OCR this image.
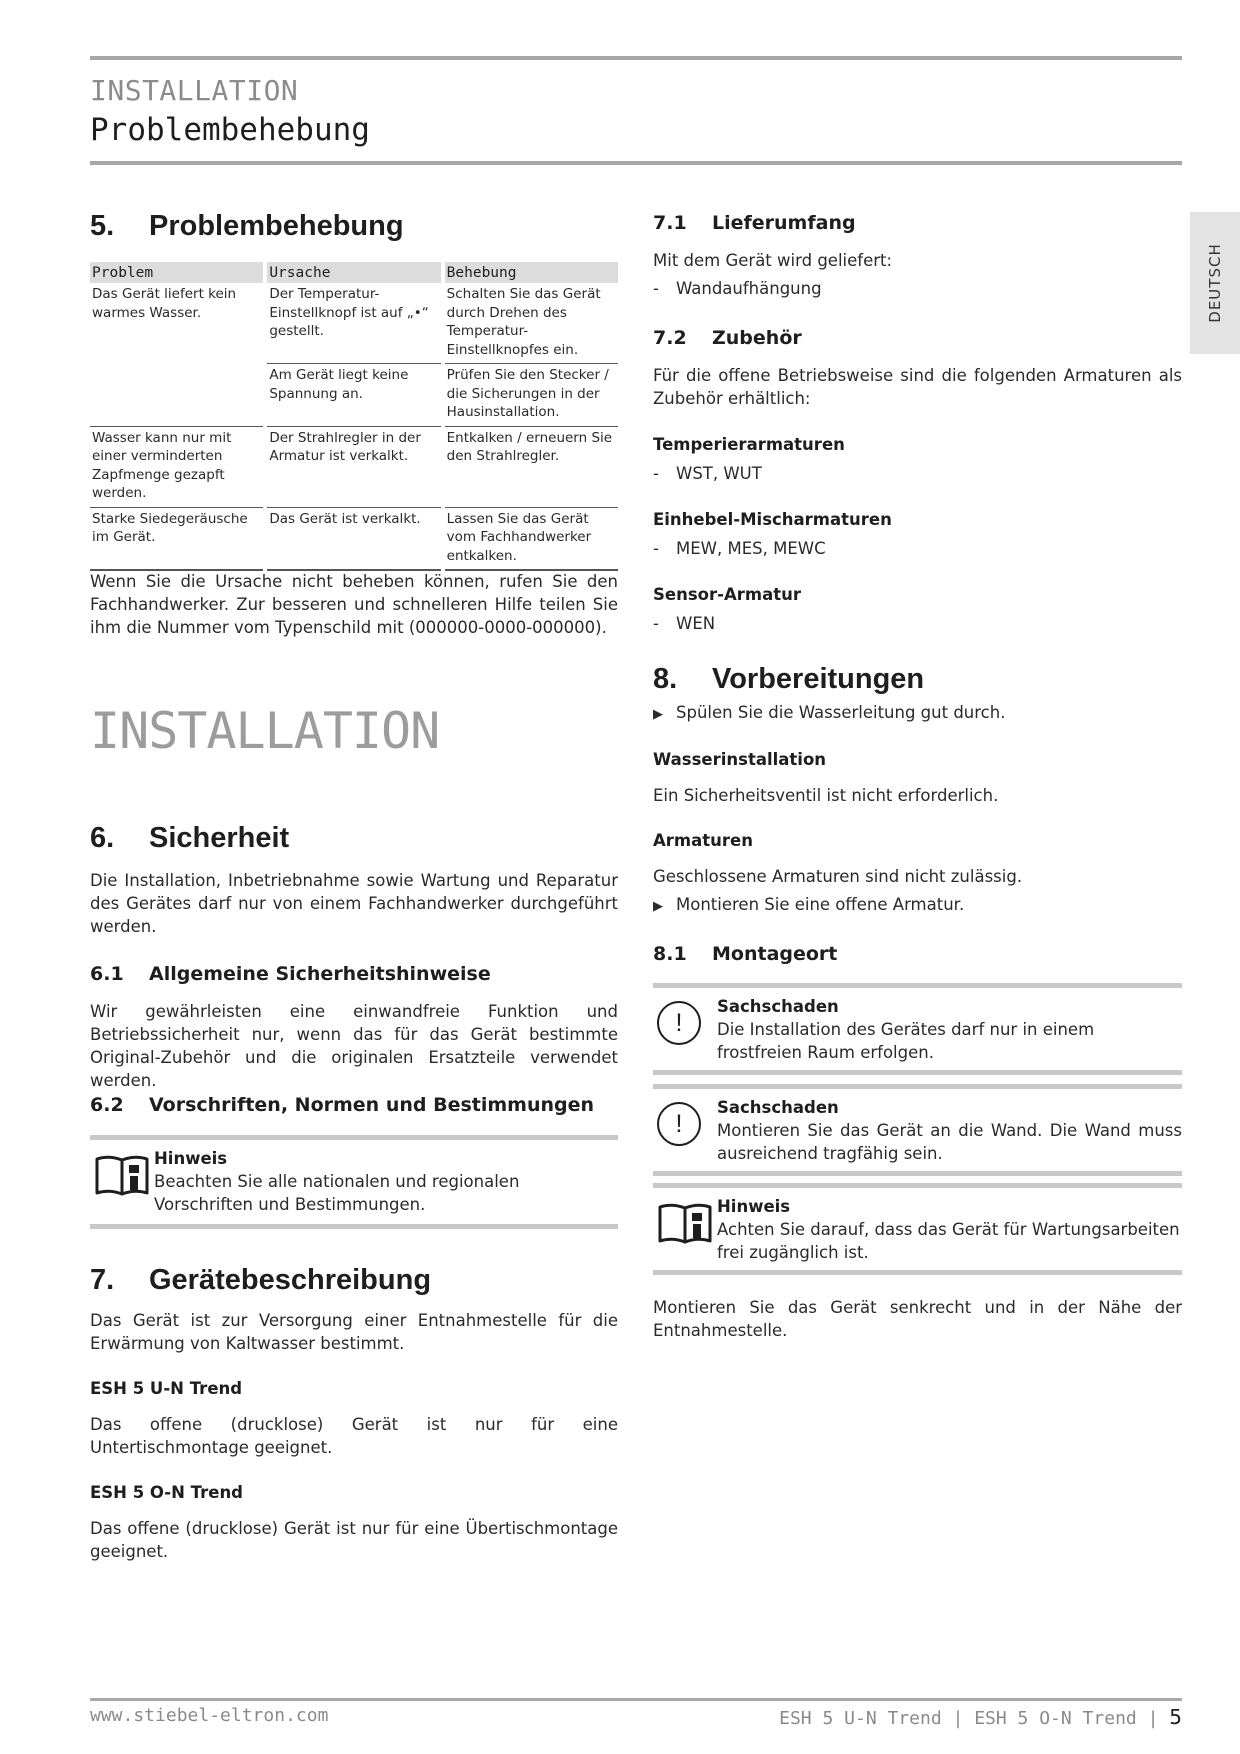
INSTALLATION
Problembehebung
DEUTSCH
5. Problembehebung
Problem	Ursache	Behebung
Das Gerät liefert kein warmes Wasser.	Der Temperatur-Einstellknopf ist auf „•“ gestellt.	Schalten Sie das Gerät durch Drehen des Temperatur-Einstellknopfes ein.
	Am Gerät liegt keine Spannung an.	Prüfen Sie den Stecker / die Sicherungen in der Hausinstallation.
Wasser kann nur mit einer verminderten Zapfmenge gezapft werden.	Der Strahlregler in der Armatur ist verkalkt.	Entkalken / erneuern Sie den Strahlregler.
Starke Siedegeräusche im Gerät.	Das Gerät ist verkalkt.	Lassen Sie das Gerät vom Fachhandwerker entkalken.
Wenn Sie die Ursache nicht beheben können, rufen Sie den Fachhandwerker. Zur besseren und schnelleren Hilfe teilen Sie ihm die Nummer vom Typenschild mit (000000-0000-000000).
INSTALLATION
6. Sicherheit
Die Installation, Inbetriebnahme sowie Wartung und Reparatur des Gerätes darf nur von einem Fachhandwerker durchgeführt werden.
6.1 Allgemeine Sicherheitshinweise
Wir gewährleisten eine einwandfreie Funktion und Betriebssicherheit nur, wenn das für das Gerät bestimmte Original-Zubehör und die originalen Ersatzteile verwendet werden.
6.2 Vorschriften, Normen und Bestimmungen
Hinweis
Beachten Sie alle nationalen und regionalen Vorschriften und Bestimmungen.
7. Gerätebeschreibung
Das Gerät ist zur Versorgung einer Entnahmestelle für die Erwärmung von Kaltwasser bestimmt.
ESH 5 U-N Trend
Das offene (drucklose) Gerät ist nur für eine Untertischmontage geeignet.
ESH 5 O-N Trend
Das offene (drucklose) Gerät ist nur für eine Übertischmontage geeignet.
7.1 Lieferumfang
Mit dem Gerät wird geliefert:
- Wandaufhängung
7.2 Zubehör
Für die offene Betriebsweise sind die folgenden Armaturen als Zubehör erhältlich:
Temperierarmaturen
- WST, WUT
Einhebel-Mischarmaturen
- MEW, MES, MEWC
Sensor-Armatur
- WEN
8. Vorbereitungen
▶ Spülen Sie die Wasserleitung gut durch.
Wasserinstallation
Ein Sicherheitsventil ist nicht erforderlich.
Armaturen
Geschlossene Armaturen sind nicht zulässig.
▶ Montieren Sie eine offene Armatur.
8.1 Montageort
!
Sachschaden
Die Installation des Gerätes darf nur in einem frostfreien Raum erfolgen.
!
Sachschaden
Montieren Sie das Gerät an die Wand. Die Wand muss ausreichend tragfähig sein.
Hinweis
Achten Sie darauf, dass das Gerät für Wartungsarbeiten frei zugänglich ist.
Montieren Sie das Gerät senkrecht und in der Nähe der Entnahmestelle.
www.stiebel-eltron.com	ESH 5 U-N Trend | ESH 5 O-N Trend | 5
